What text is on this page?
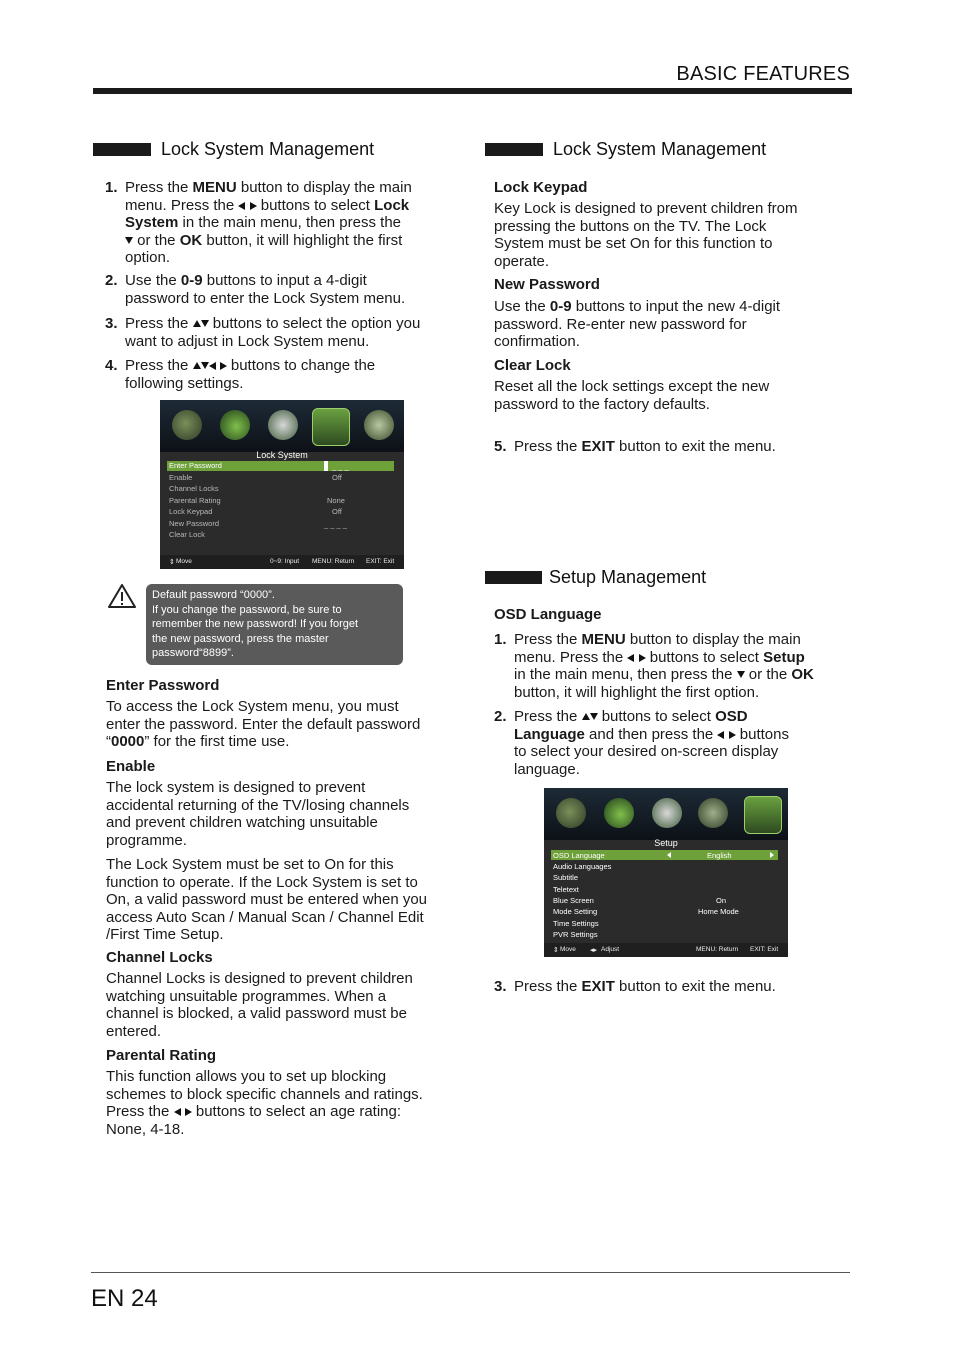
BASIC FEATURES
Lock System Management
1. Press the MENU button to display the main
menu. Press the   buttons to select Lock
System in the main menu, then press the
or the OK button, it will highlight the first
option.
2. Use the 0-9 buttons to input a 4-digit
password to enter the Lock System menu.
3. Press the  buttons to select the option you
want to adjust in Lock System menu.
4. Press the   buttons to change the
following settings.
Lock System
Enter Password	_ _ _
Enable	Off
Channel Locks
Parental Rating	None
Lock Keypad	Off
New Password	_ _ _ _
Clear Lock
⇕ Move	0~9: Input MENU: Return EXIT: Exit
Default password “0000”.
If you change the password, be sure to
remember the new password! If you forget
the new password, press the master
password“8899”.
Enter Password
To access the Lock System menu, you must
enter the password. Enter the default password
“0000” for the first time use.
Enable
The lock system is designed to prevent
accidental returning of the TV/losing channels
and prevent children watching unsuitable
programme.
The Lock System must be set to On for this
function to operate. If the Lock System is set to
On, a valid password must be entered when you
access Auto Scan / Manual Scan / Channel Edit
/First Time Setup.
Channel Locks
Channel Locks is designed to prevent children
watching unsuitable programmes. When a
channel is blocked, a valid password must be
entered.
Parental Rating
This function allows you to set up blocking
schemes to block specific channels and ratings.
Press the   buttons to select an age rating:
None, 4-18.
Lock System Management
Lock Keypad
Key Lock is designed to prevent children from
pressing the buttons on the TV. The Lock
System must be set On for this function to
operate.
New Password
Use the 0-9 buttons to input the new 4-digit
password. Re-enter new password for
confirmation.
Clear Lock
Reset all the lock settings except the new
password to the factory defaults.
5. Press the EXIT button to exit the menu.
Setup Management
OSD Language
1. Press the MENU button to display the main
menu. Press the   buttons to select Setup
in the main menu, then press the  or the OK
button, it will highlight the first option.
2. Press the  buttons to select OSD
Language and then press the   buttons
to select your desired on-screen display
language.
Setup
OSD Language	English
Audio Languages
Subtitle
Teletext
Blue Screen	On
Mode Setting	Home Mode
Time Settings
PVR Settings
⇕ Move ◂▸ Adjust	MENU: Return EXIT: Exit
3. Press the EXIT button to exit the menu.
EN 24
